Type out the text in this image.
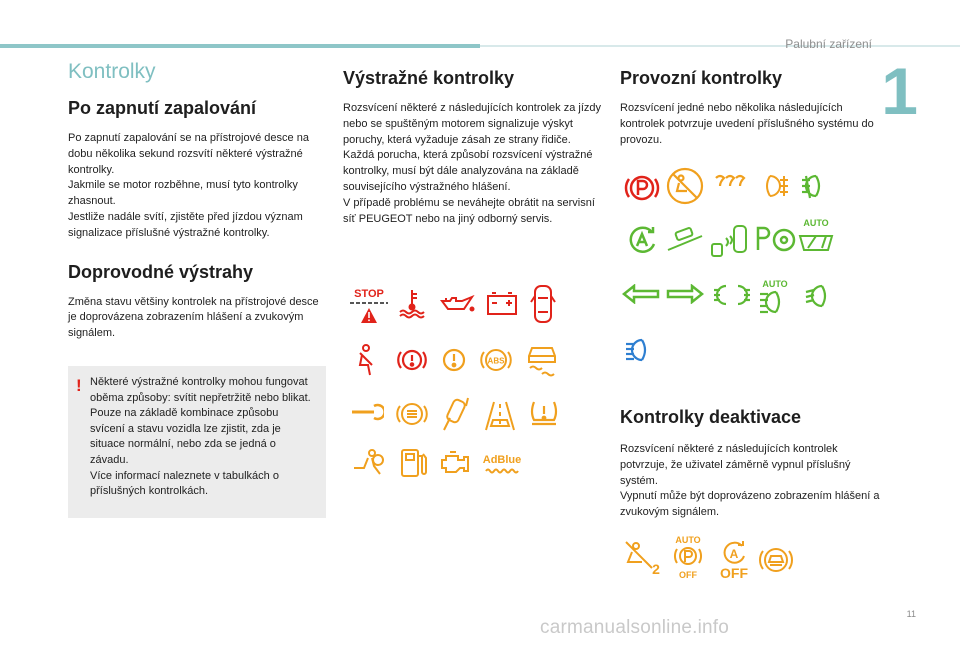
Palubní zařízení
1
11
carmanualsonline.info
Kontrolky
Po zapnutí zapalování

Po zapnutí zapalování se na přístrojové desce na dobu několika sekund rozsvítí některé výstražné kontrolky.

Jakmile se motor rozběhne, musí tyto kontrolky zhasnout.

Jestliže nadále svítí, zjistěte před jízdou význam signalizace příslušné výstražné kontrolky.

Doprovodné výstrahy

Změna stavu většiny kontrolek na přístrojové desce je doprovázena zobrazením hlášení a zvukovým signálem.

! Některé výstražné kontrolky mohou fungovat oběma způsoby: svítit nepřetržitě nebo blikat.

Pouze na základě kombinace způsobu svícení a stavu vozidla lze zjistit, zda je situace normální, nebo zda se jedná o závadu.

Více informací naleznete v tabulkách o příslušných kontrolkách.

Výstražné kontrolky

Rozsvícení některé z následujících kontrolek za jízdy nebo se spuštěným motorem signalizuje výskyt poruchy, která vyžaduje zásah ze strany řidiče.

Každá porucha, která způsobí rozsvícení výstražné kontrolky, musí být dále analyzována na základě souvisejícího výstražného hlášení.

V případě problému se neváhejte obrátit na servisní síť PEUGEOT nebo na jiný odborný servis.

STOP
ABS
AdBlue
Provozní kontrolky

Rozsvícení jedné nebo několika následujících kontrolek potvrzuje uvedení příslušného systému do provozu.

AUTO
AUTO
Kontrolky deaktivace

Rozsvícení některé z následujících kontrolek potvrzuje, že uživatel záměrně vypnul příslušný systém.

Vypnutí může být doprovázeno zobrazením hlášení a zvukovým signálem.

2
AUTO
OFF
A
OFF
